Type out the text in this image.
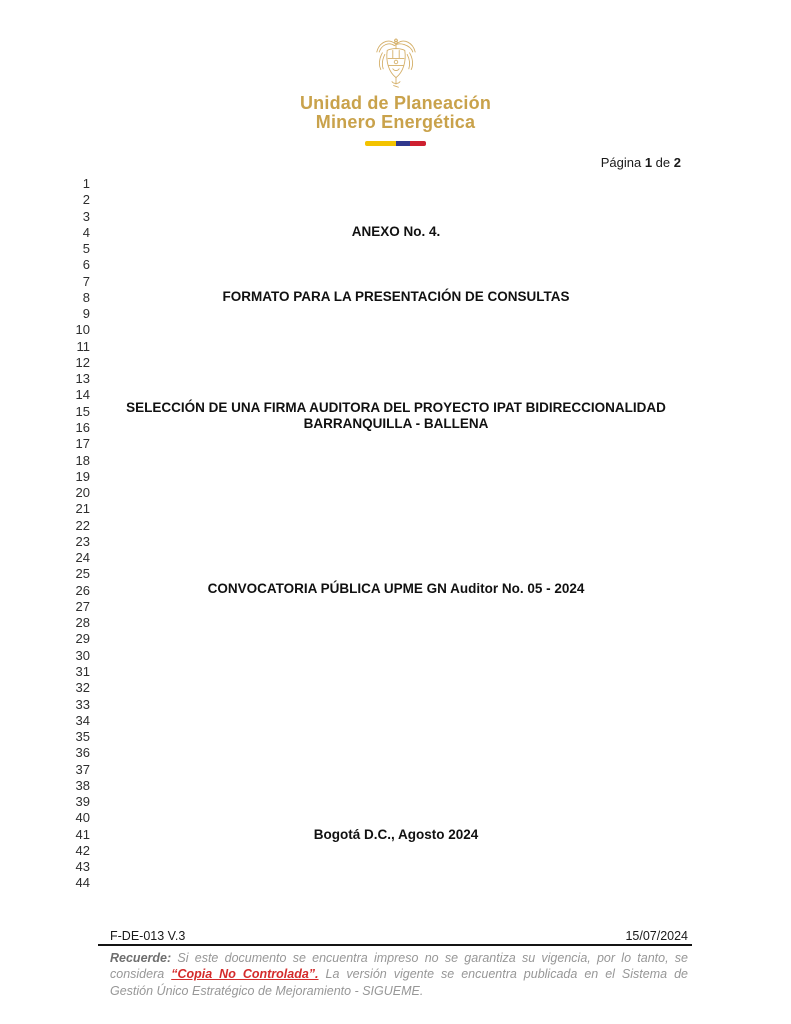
Unidad de Planeación
Minero Energética
Página 1 de 2
1
2
3
4
5
6
7
8
9
10
11
12
13
14
15
16
17
18
19
20
21
22
23
24
25
26
27
28
29
30
31
32
33
34
35
36
37
38
39
40
41
42
43
44
ANEXO No. 4.
FORMATO PARA LA PRESENTACIÓN DE CONSULTAS
SELECCIÓN DE UNA FIRMA AUDITORA DEL PROYECTO IPAT BIDIRECCIONALIDAD BARRANQUILLA - BALLENA
CONVOCATORIA PÚBLICA UPME GN Auditor No. 05 - 2024
Bogotá D.C., Agosto 2024
F-DE-013 V.3	15/07/2024
Recuerde: Si este documento se encuentra impreso no se garantiza su vigencia, por lo tanto, se considera “Copia No Controlada”. La versión vigente se encuentra publicada en el Sistema de Gestión Único Estratégico de Mejoramiento - SIGUEME.
